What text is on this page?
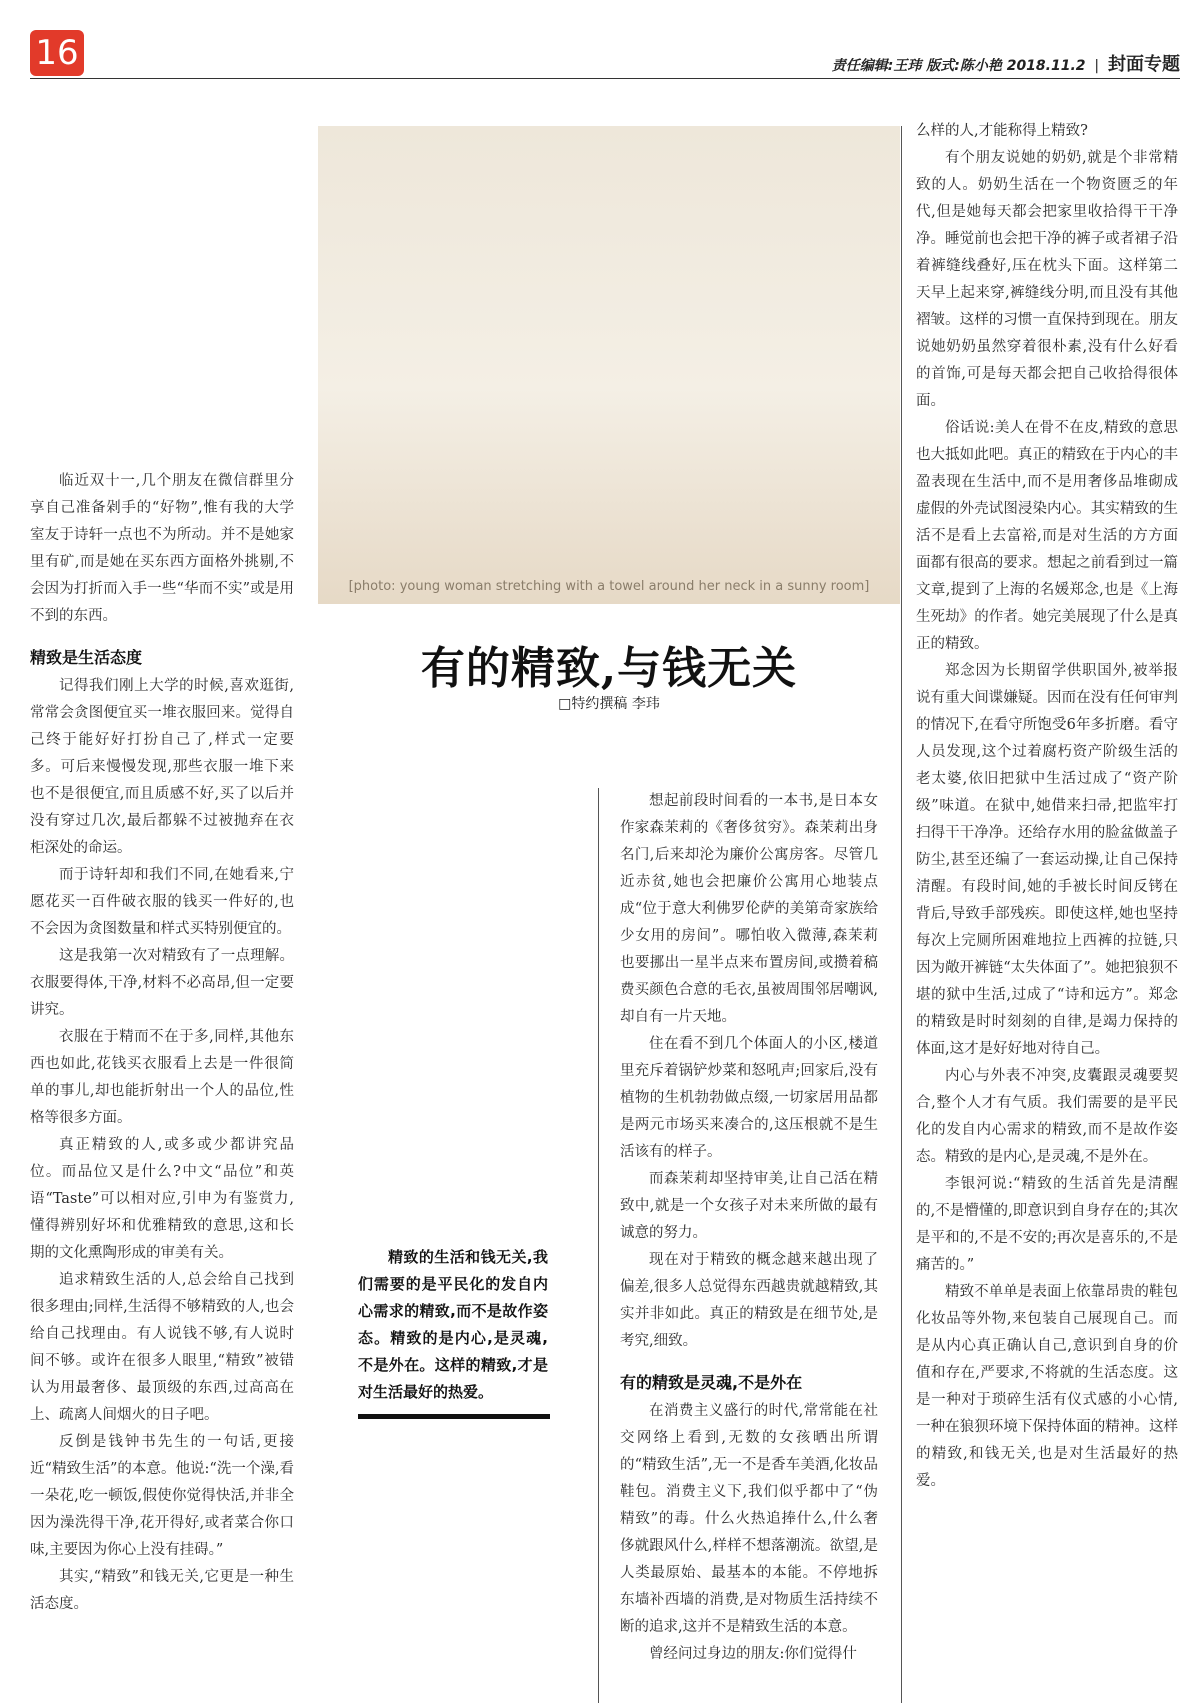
16	责任编辑:王玮 版式:陈小艳 2018.11.2 | 封面专题
[photo: young woman stretching with a towel around her neck in a sunny room]
有的精致,与钱无关
□特约撰稿 李玮

临近双十一,几个朋友在微信群里分享自己准备剁手的“好物”,惟有我的大学室友于诗轩一点也不为所动。并不是她家里有矿,而是她在买东西方面格外挑剔,不会因为打折而入手一些“华而不实”或是用不到的东西。

精致是生活态度

记得我们刚上大学的时候,喜欢逛街,常常会贪图便宜买一堆衣服回来。觉得自己终于能好好打扮自己了,样式一定要多。可后来慢慢发现,那些衣服一堆下来也不是很便宜,而且质感不好,买了以后并没有穿过几次,最后都躲不过被抛弃在衣柜深处的命运。

而于诗轩却和我们不同,在她看来,宁愿花买一百件破衣服的钱买一件好的,也不会因为贪图数量和样式买特别便宜的。

这是我第一次对精致有了一点理解。衣服要得体,干净,材料不必高昂,但一定要讲究。

衣服在于精而不在于多,同样,其他东西也如此,花钱买衣服看上去是一件很简单的事儿,却也能折射出一个人的品位,性格等很多方面。

真正精致的人,或多或少都讲究品位。而品位又是什么?中文“品位”和英语“Taste”可以相对应,引申为有鉴赏力,懂得辨别好坏和优雅精致的意思,这和长期的文化熏陶形成的审美有关。

追求精致生活的人,总会给自己找到很多理由;同样,生活得不够精致的人,也会给自己找理由。有人说钱不够,有人说时间不够。或许在很多人眼里,“精致”被错认为用最奢侈、最顶级的东西,过高高在上、疏离人间烟火的日子吧。

反倒是钱钟书先生的一句话,更接近“精致生活”的本意。他说:“洗一个澡,看一朵花,吃一顿饭,假使你觉得快活,并非全因为澡洗得干净,花开得好,或者菜合你口味,主要因为你心上没有挂碍。”

其实,“精致”和钱无关,它更是一种生活态度。

精致的生活和钱无关,我们需要的是平民化的发自内心需求的精致,而不是故作姿态。精致的是内心,是灵魂,不是外在。这样的精致,才是对生活最好的热爱。

想起前段时间看的一本书,是日本女作家森茉莉的《奢侈贫穷》。森茉莉出身名门,后来却沦为廉价公寓房客。尽管几近赤贫,她也会把廉价公寓用心地装点成“位于意大利佛罗伦萨的美第奇家族给少女用的房间”。哪怕收入微薄,森茉莉也要挪出一星半点来布置房间,或攒着稿费买颜色合意的毛衣,虽被周围邻居嘲讽,却自有一片天地。

住在看不到几个体面人的小区,楼道里充斥着锅铲炒菜和怒吼声;回家后,没有植物的生机勃勃做点缀,一切家居用品都是两元市场买来凑合的,这压根就不是生活该有的样子。

而森茉莉却坚持审美,让自己活在精致中,就是一个女孩子对未来所做的最有诚意的努力。

现在对于精致的概念越来越出现了偏差,很多人总觉得东西越贵就越精致,其实并非如此。真正的精致是在细节处,是考究,细致。

有的精致是灵魂,不是外在

在消费主义盛行的时代,常常能在社交网络上看到,无数的女孩晒出所谓的“精致生活”,无一不是香车美酒,化妆品鞋包。消费主义下,我们似乎都中了“伪精致”的毒。什么火热追捧什么,什么奢侈就跟风什么,样样不想落潮流。欲望,是人类最原始、最基本的本能。不停地拆东墙补西墙的消费,是对物质生活持续不断的追求,这并不是精致生活的本意。

曾经问过身边的朋友:你们觉得什

么样的人,才能称得上精致?

有个朋友说她的奶奶,就是个非常精致的人。奶奶生活在一个物资匮乏的年代,但是她每天都会把家里收拾得干干净净。睡觉前也会把干净的裤子或者裙子沿着裤缝线叠好,压在枕头下面。这样第二天早上起来穿,裤缝线分明,而且没有其他褶皱。这样的习惯一直保持到现在。朋友说她奶奶虽然穿着很朴素,没有什么好看的首饰,可是每天都会把自己收拾得很体面。

俗话说:美人在骨不在皮,精致的意思也大抵如此吧。真正的精致在于内心的丰盈表现在生活中,而不是用奢侈品堆砌成虚假的外壳试图浸染内心。其实精致的生活不是看上去富裕,而是对生活的方方面面都有很高的要求。想起之前看到过一篇文章,提到了上海的名媛郑念,也是《上海生死劫》的作者。她完美展现了什么是真正的精致。

郑念因为长期留学供职国外,被举报说有重大间谍嫌疑。因而在没有任何审判的情况下,在看守所饱受6年多折磨。看守人员发现,这个过着腐朽资产阶级生活的老太婆,依旧把狱中生活过成了“资产阶级”味道。在狱中,她借来扫帚,把监牢打扫得干干净净。还给存水用的脸盆做盖子防尘,甚至还编了一套运动操,让自己保持清醒。有段时间,她的手被长时间反铐在背后,导致手部残疾。即使这样,她也坚持每次上完厕所困难地拉上西裤的拉链,只因为敞开裤链“太失体面了”。她把狼狈不堪的狱中生活,过成了“诗和远方”。郑念的精致是时时刻刻的自律,是竭力保持的体面,这才是好好地对待自己。

内心与外表不冲突,皮囊跟灵魂要契合,整个人才有气质。我们需要的是平民化的发自内心需求的精致,而不是故作姿态。精致的是内心,是灵魂,不是外在。

李银河说:“精致的生活首先是清醒的,不是懵懂的,即意识到自身存在的;其次是平和的,不是不安的;再次是喜乐的,不是痛苦的。”

精致不单单是表面上依靠昂贵的鞋包化妆品等外物,来包装自己展现自己。而是从内心真正确认自己,意识到自身的价值和存在,严要求,不将就的生活态度。这是一种对于琐碎生活有仪式感的小心情,一种在狼狈环境下保持体面的精神。这样的精致,和钱无关,也是对生活最好的热爱。
